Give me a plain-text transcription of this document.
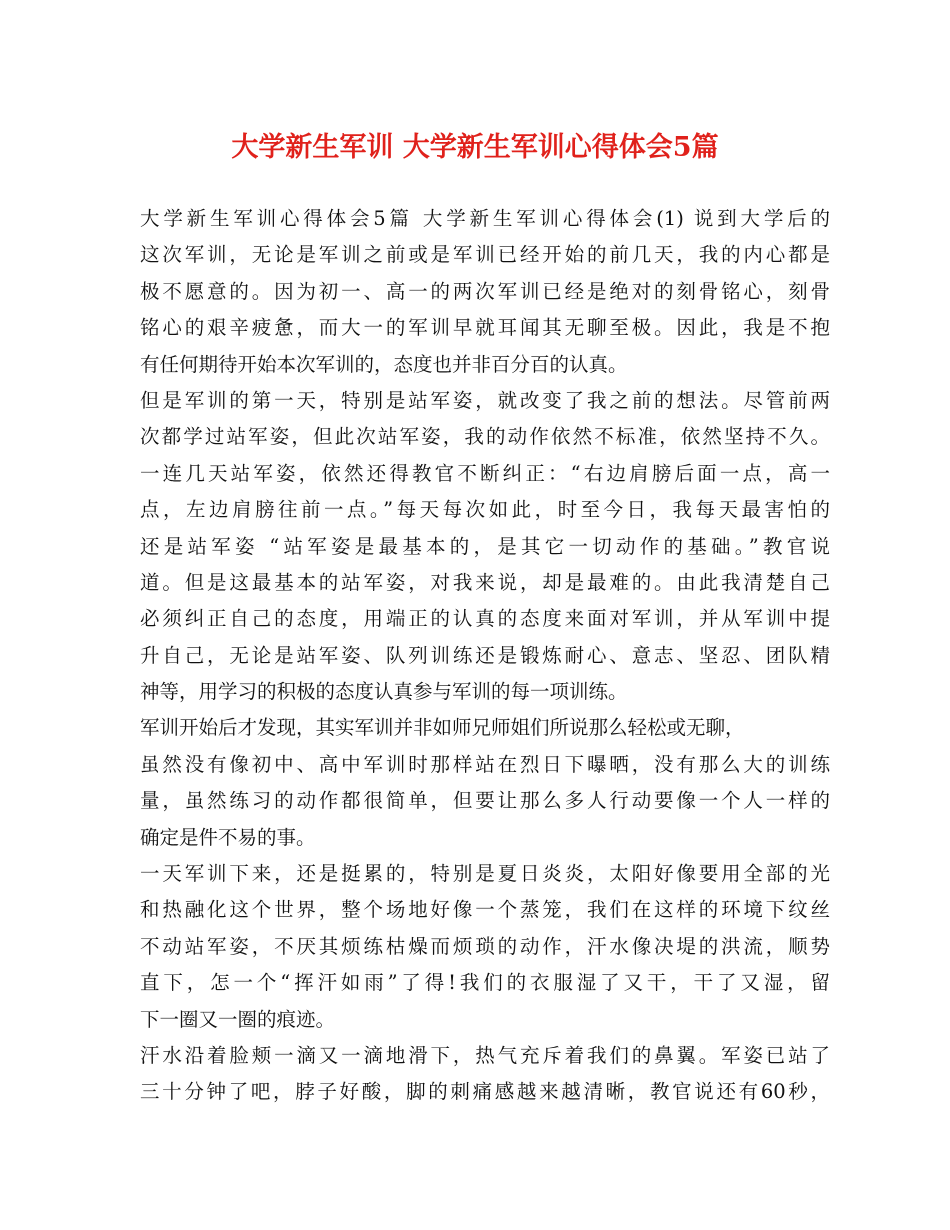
大学新生军训 大学新生军训心得体会5篇
大学新生军训心得体会5篇 大学新生军训心得体会(1) 说到大学后的
这次军训，无论是军训之前或是军训已经开始的前几天，我的内心都是
极不愿意的。因为初一、高一的两次军训已经是绝对的刻骨铭心，刻骨
铭心的艰辛疲惫，而大一的军训早就耳闻其无聊至极。因此，我是不抱
有任何期待开始本次军训的，态度也并非百分百的认真。
但是军训的第一天，特别是站军姿，就改变了我之前的想法。尽管前两
次都学过站军姿，但此次站军姿，我的动作依然不标准，依然坚持不久。
一连几天站军姿，依然还得教官不断纠正：“右边肩膀后面一点，高一
点，左边肩膀往前一点。”每天每次如此，时至今日，我每天最害怕的
还是站军姿 “站军姿是最基本的，是其它一切动作的基础。”教官说
道。但是这最基本的站军姿，对我来说，却是最难的。由此我清楚自己
必须纠正自己的态度，用端正的认真的态度来面对军训，并从军训中提
升自己，无论是站军姿、队列训练还是锻炼耐心、意志、坚忍、团队精
神等，用学习的积极的态度认真参与军训的每一项训练。
军训开始后才发现，其实军训并非如师兄师姐们所说那么轻松或无聊，
虽然没有像初中、高中军训时那样站在烈日下曝晒，没有那么大的训练
量，虽然练习的动作都很简单，但要让那么多人行动要像一个人一样的
确定是件不易的事。
一天军训下来，还是挺累的，特别是夏日炎炎，太阳好像要用全部的光
和热融化这个世界，整个场地好像一个蒸笼，我们在这样的环境下纹丝
不动站军姿，不厌其烦练枯燥而烦琐的动作，汗水像决堤的洪流，顺势
直下，怎一个“挥汗如雨”了得!我们的衣服湿了又干，干了又湿，留
下一圈又一圈的痕迹。
汗水沿着脸颊一滴又一滴地滑下，热气充斥着我们的鼻翼。军姿已站了
三十分钟了吧，脖子好酸，脚的刺痛感越来越清晰，教官说还有60秒，
